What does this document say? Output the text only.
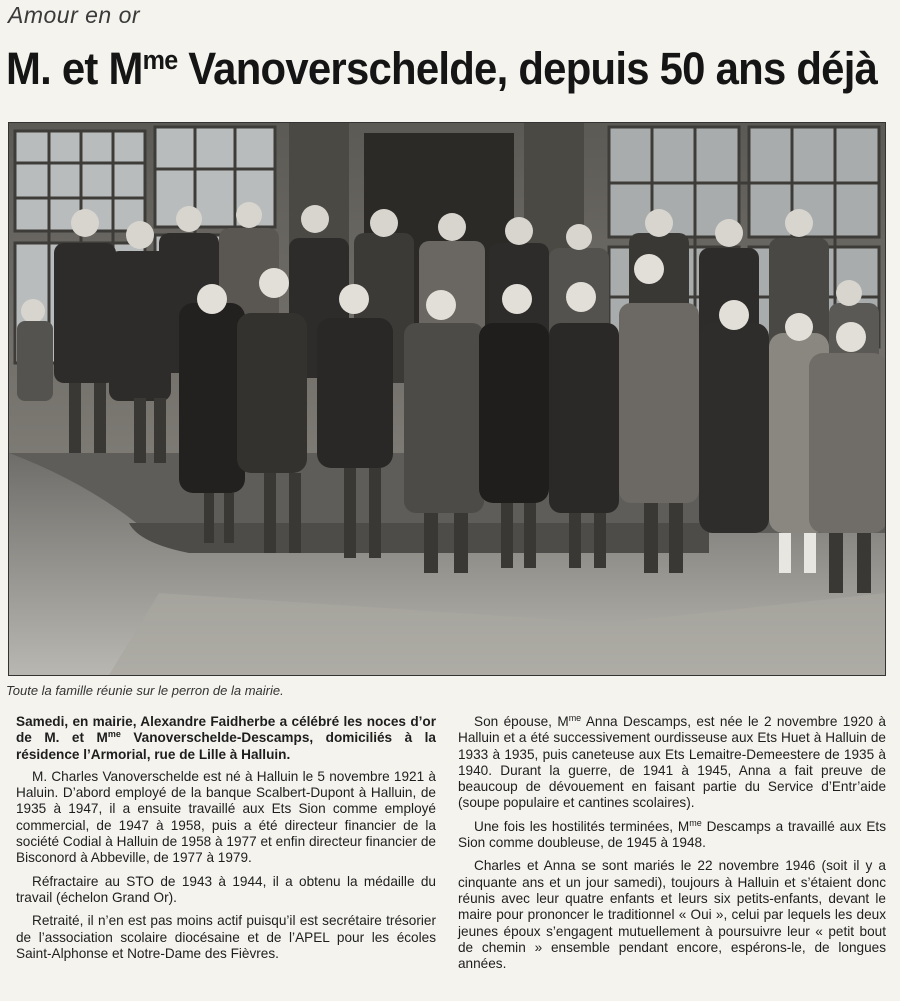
Amour en or
M. et $M^{me}$ Vanoverschelde, depuis 50 ans déjà
Toute la famille réunie sur le perron de la mairie.

Samedi, en mairie, Alexandre Faidherbe a célébré les noces d’or de M. et $M^{me}$ Vanoverschelde-Descamps, domiciliés à la résidence l’Armorial, rue de Lille à Halluin.

M. Charles Vanoverschelde est né à Halluin le 5 novembre 1921 à Haluin. D’abord employé de la banque Scalbert-Dupont à Halluin, de 1935 à 1947, il a ensuite travaillé aux Ets Sion comme employé commercial, de 1947 à 1958, puis a été directeur financier de la société Codial à Halluin de 1958 à 1977 et enfin directeur financier de Bisconord à Abbeville, de 1977 à 1979.

Réfractaire au STO de 1943 à 1944, il a obtenu la médaille du travail (échelon Grand Or).

Retraité, il n’en est pas moins actif puisqu’il est secrétaire trésorier de l’association scolaire diocésaine et de l’APEL pour les écoles Saint-Alphonse et Notre-Dame des Fièvres.

Son épouse, $M^{me}$ Anna Descamps, est née le 2 novembre 1920 à Halluin et a été successivement ourdisseuse aux Ets Huet à Halluin de 1933 à 1935, puis caneteuse aux Ets Lemaitre-Demeestere de 1935 à 1940. Durant la guerre, de 1941 à 1945, Anna a fait preuve de beaucoup de dévouement en faisant partie du Service d’Entr’aide (soupe populaire et cantines scolaires).

Une fois les hostilités terminées, $M^{me}$ Descamps a travaillé aux Ets Sion comme doubleuse, de 1945 à 1948.

Charles et Anna se sont mariés le 22 novembre 1946 (soit il y a cinquante ans et un jour samedi), toujours à Halluin et s’étaient donc réunis avec leur quatre enfants et leurs six petits-enfants, devant le maire pour prononcer le traditionnel « Oui », celui par lequels les deux jeunes époux s’engagent mutuellement à poursuivre leur « petit bout de chemin » ensemble pendant encore, espérons-le, de longues années.
